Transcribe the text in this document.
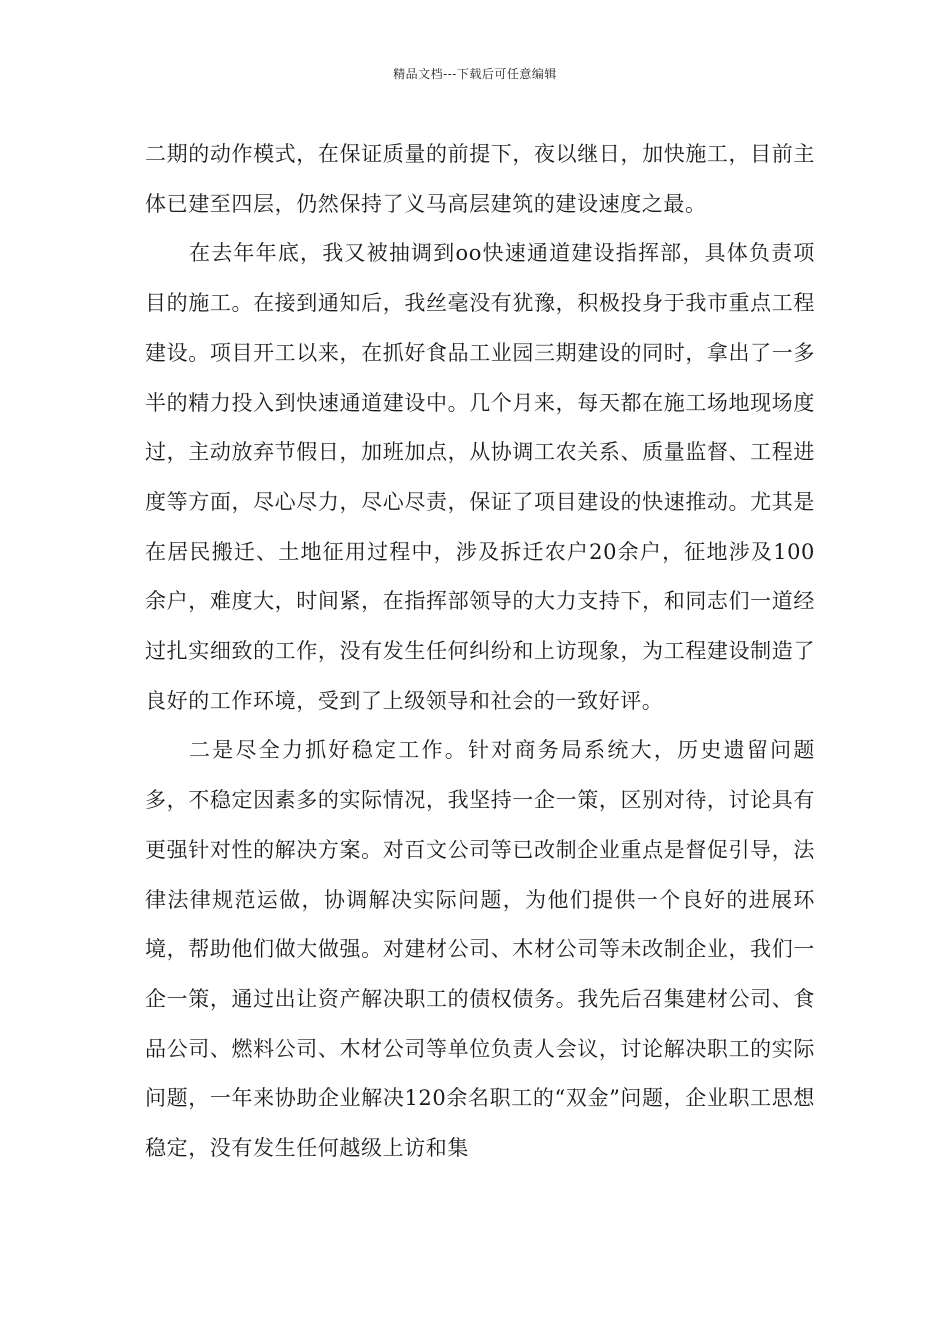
精品文档---下载后可任意编辑

二期的动作模式，在保证质量的前提下，夜以继日，加快施工，目前主体已建至四层，仍然保持了义马高层建筑的建设速度之最。

在去年年底，我又被抽调到oo快速通道建设指挥部，具体负责项目的施工。在接到通知后，我丝毫没有犹豫，积极投身于我市重点工程建设。项目开工以来，在抓好食品工业园三期建设的同时，拿出了一多半的精力投入到快速通道建设中。几个月来，每天都在施工场地现场度过，主动放弃节假日，加班加点，从协调工农关系、质量监督、工程进度等方面，尽心尽力，尽心尽责，保证了项目建设的快速推动。尤其是在居民搬迁、土地征用过程中，涉及拆迁农户20余户，征地涉及100余户，难度大，时间紧，在指挥部领导的大力支持下，和同志们一道经过扎实细致的工作，没有发生任何纠纷和上访现象，为工程建设制造了良好的工作环境，受到了上级领导和社会的一致好评。

二是尽全力抓好稳定工作。针对商务局系统大，历史遗留问题多，不稳定因素多的实际情况，我坚持一企一策，区别对待，讨论具有更强针对性的解决方案。对百文公司等已改制企业重点是督促引导，法律法律规范运做，协调解决实际问题，为他们提供一个良好的进展环境，帮助他们做大做强。对建材公司、木材公司等未改制企业，我们一企一策，通过出让资产解决职工的债权债务。我先后召集建材公司、食品公司、燃料公司、木材公司等单位负责人会议，讨论解决职工的实际问题，一年来协助企业解决120余名职工的“双金”问题，企业职工思想稳定，没有发生任何越级上访和集
